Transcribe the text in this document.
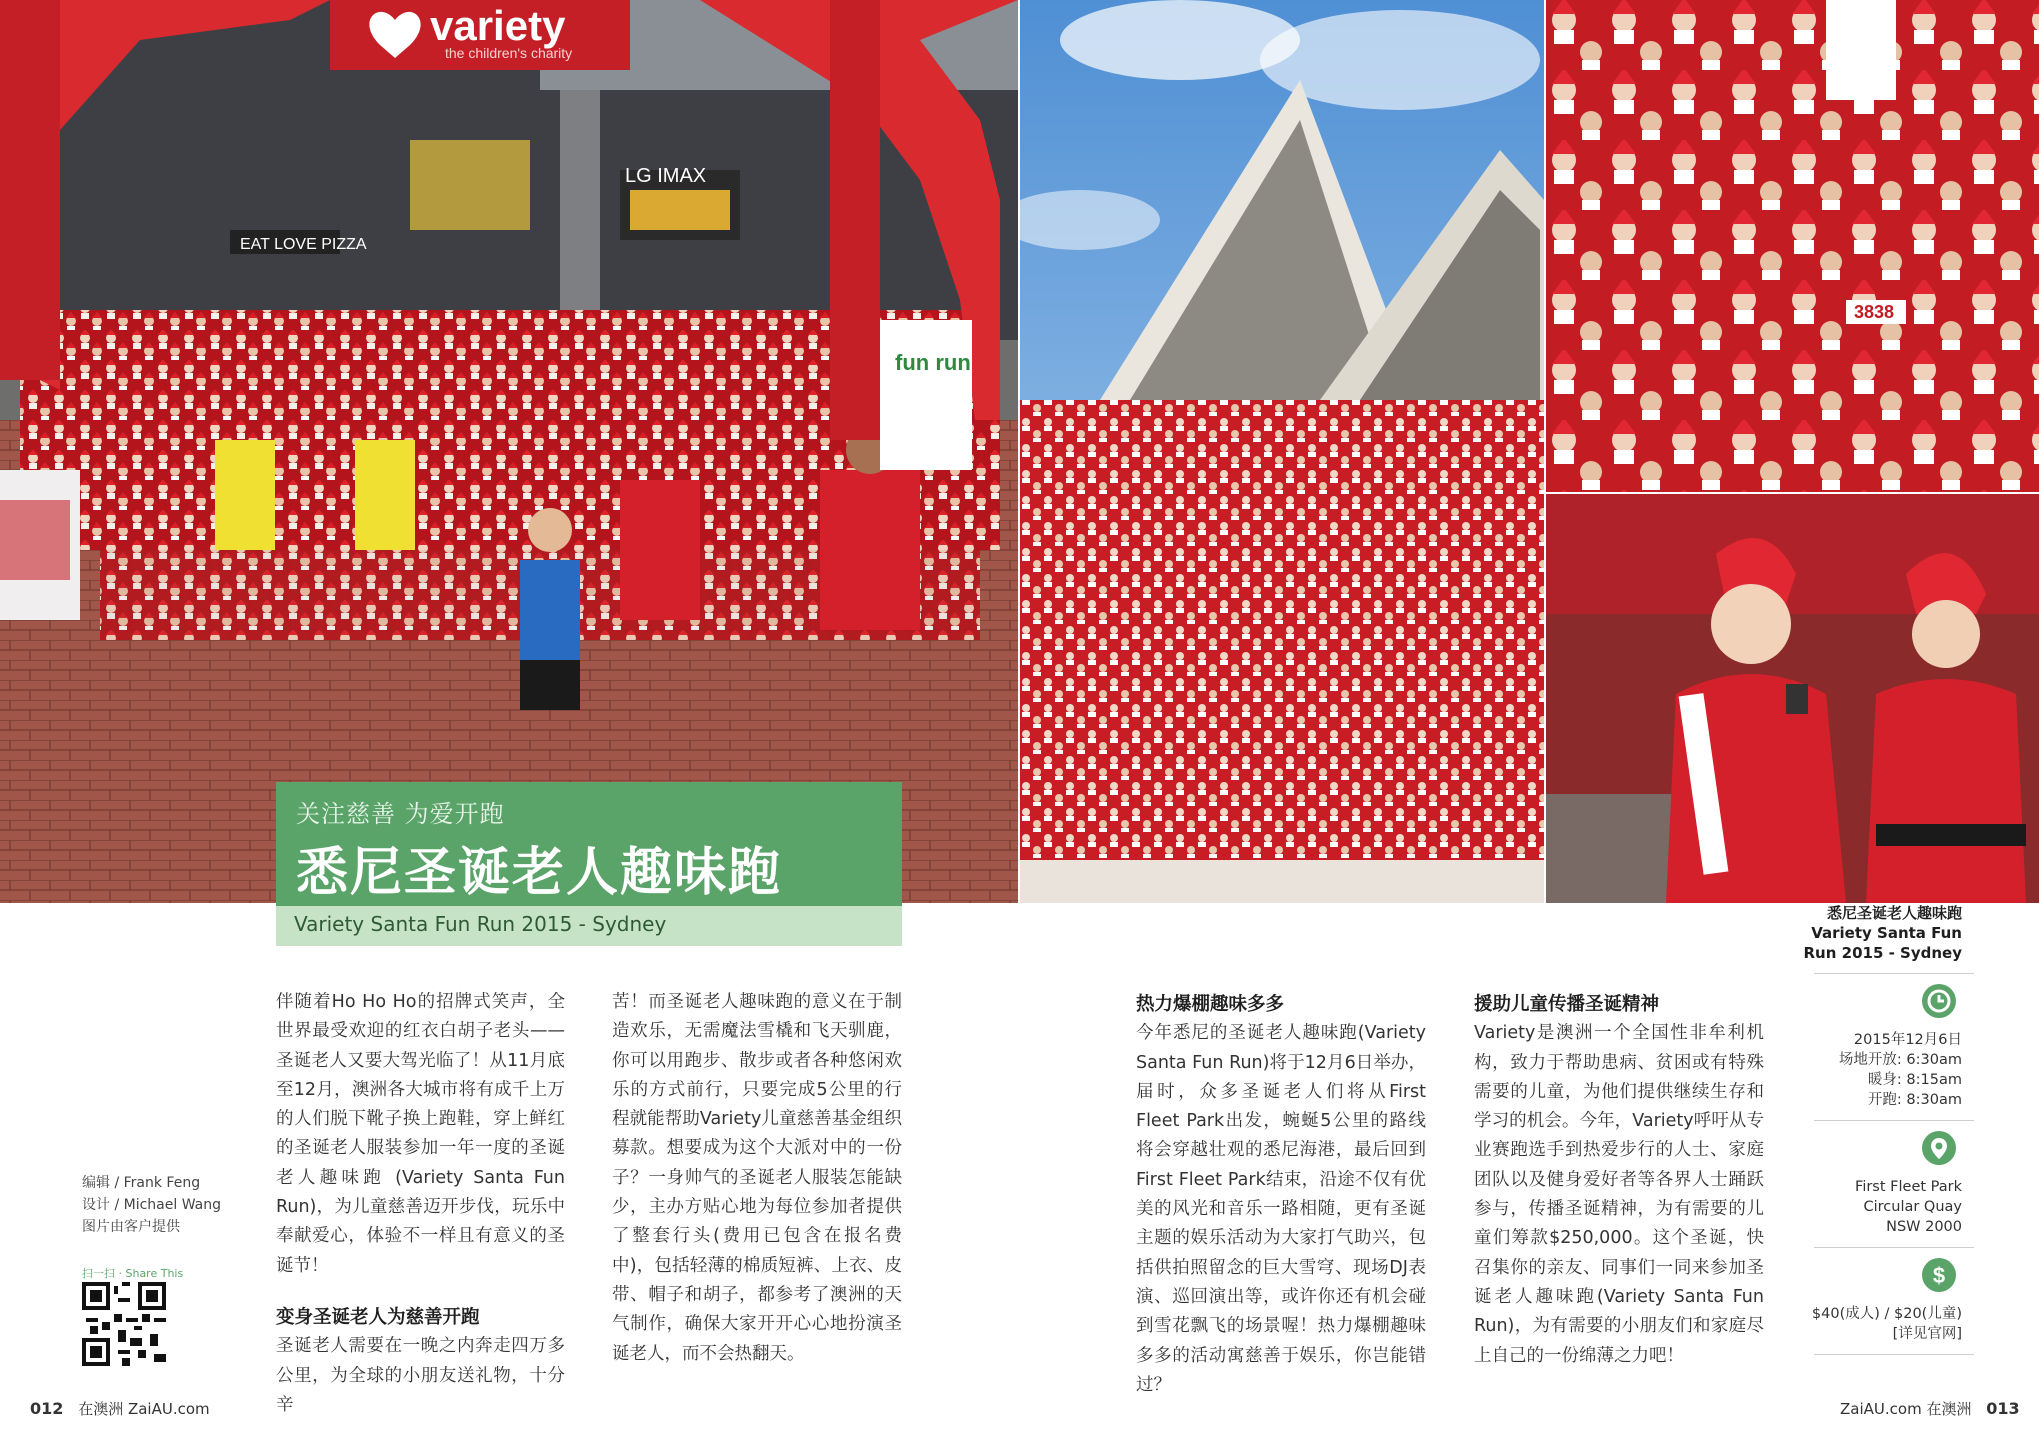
EAT LOVE PIZZA
LG IMAX
variety
the children's charity
fun run
3838
关注慈善 为爱开跑
悉尼圣诞老人趣味跑
Variety Santa Fun Run 2015 - Sydney

伴随着Ho Ho Ho的招牌式笑声，全世界最受欢迎的红衣白胡子老头——圣诞老人又要大驾光临了！从11月底至12月，澳洲各大城市将有成千上万的人们脱下靴子换上跑鞋，穿上鲜红的圣诞老人服装参加一年一度的圣诞老人趣味跑 (Variety Santa Fun Run)，为儿童慈善迈开步伐，玩乐中奉献爱心，体验不一样且有意义的圣诞节！

变身圣诞老人为慈善开跑

圣诞老人需要在一晚之内奔走四万多公里，为全球的小朋友送礼物，十分辛

苦！而圣诞老人趣味跑的意义在于制造欢乐，无需魔法雪橇和飞天驯鹿，你可以用跑步、散步或者各种悠闲欢乐的方式前行，只要完成5公里的行程就能帮助Variety儿童慈善基金组织募款。想要成为这个大派对中的一份子？一身帅气的圣诞老人服装怎能缺少，主办方贴心地为每位参加者提供了整套行头(费用已包含在报名费中)，包括轻薄的棉质短裤、上衣、皮带、帽子和胡子，都参考了澳洲的天气制作，确保大家开开心心地扮演圣诞老人，而不会热翻天。

热力爆棚趣味多多

今年悉尼的圣诞老人趣味跑(Variety Santa Fun Run)将于12月6日举办，届时，众多圣诞老人们将从First Fleet Park出发，蜿蜒5公里的路线将会穿越壮观的悉尼海港，最后回到First Fleet Park结束，沿途不仅有优美的风光和音乐一路相随，更有圣诞主题的娱乐活动为大家打气助兴，包括供拍照留念的巨大雪穹、现场DJ表演、巡回演出等，或许你还有机会碰到雪花飘飞的场景喔！热力爆棚趣味多多的活动寓慈善于娱乐，你岂能错过？

援助儿童传播圣诞精神

Variety是澳洲一个全国性非牟利机构，致力于帮助患病、贫困或有特殊需要的儿童，为他们提供继续生存和学习的机会。今年，Variety呼吁从专业赛跑选手到热爱步行的人士、家庭团队以及健身爱好者等各界人士踊跃参与，传播圣诞精神，为有需要的儿童们筹款$250,000。这个圣诞，快召集你的亲友、同事们一同来参加圣诞老人趣味跑(Variety Santa Fun Run)，为有需要的小朋友们和家庭尽上自己的一份绵薄之力吧！

编辑 / Frank Feng
设计 / Michael Wang
图片由客户提供
扫一扫 · Share This
012 在澳洲 ZaiAU.com	ZaiAU.com 在澳洲 013
悉尼圣诞老人趣味跑
Variety Santa Fun
Run 2015 - Sydney
2015年12月6日
场地开放: 6:30am
暖身: 8:15am
开跑: 8:30am
First Fleet Park
Circular Quay
NSW 2000
$
$40(成人) / $20(儿童)
[详见官网]
